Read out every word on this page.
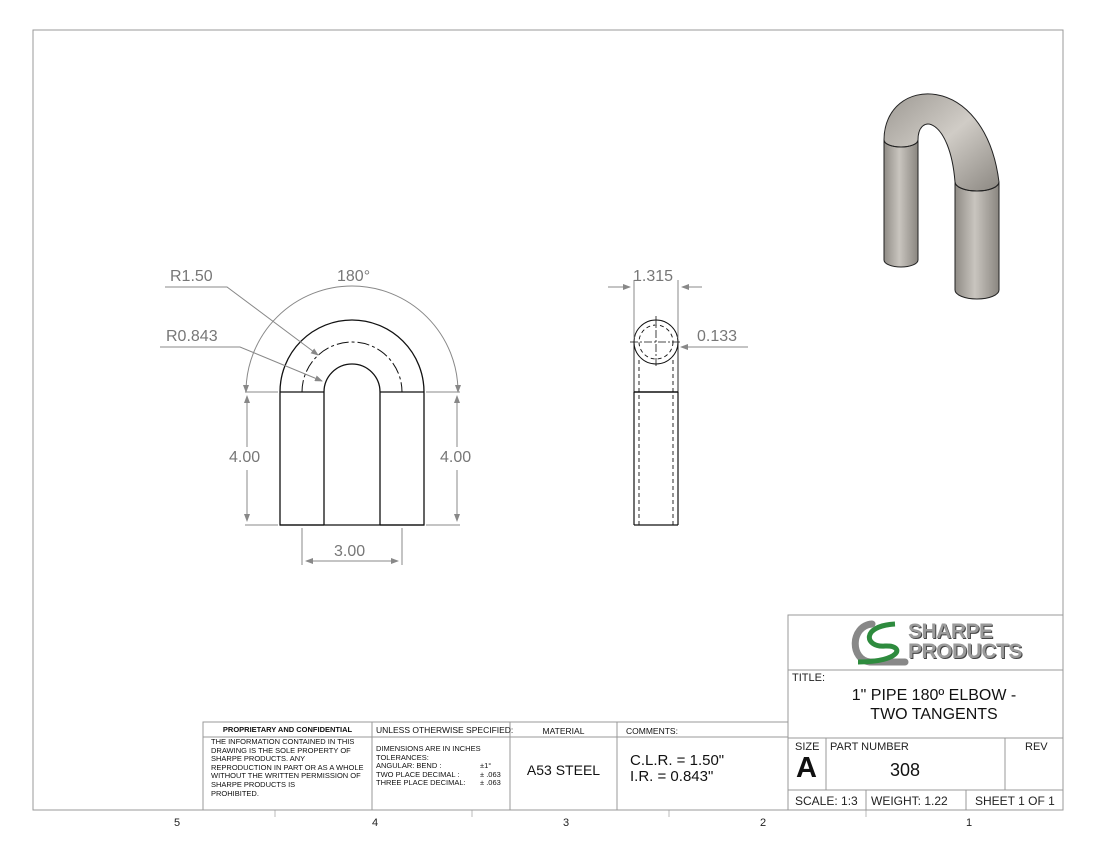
R1.50	180°
R0.843
4.00	4.00
3.00
1.315
0.133
5	4	3	2	1
SHARPE
PRODUCTS
TITLE:
1" PIPE 180º ELBOW -
TWO TANGENTS
SIZE
A
PART NUMBER
308
REV
SCALE: 1:3 WEIGHT: 1.22 SHEET 1 OF 1
PROPRIETARY AND CONFIDENTIAL
THE INFORMATION CONTAINED IN THIS
DRAWING IS THE SOLE PROPERTY OF
SHARPE PRODUCTS. ANY
REPRODUCTION IN PART OR AS A WHOLE
WITHOUT THE WRITTEN PERMISSION OF
SHARPE PRODUCTS IS
PROHIBITED.
UNLESS OTHERWISE SPECIFIED:
DIMENSIONS ARE IN INCHES
TOLERANCES:
ANGULAR: BEND :	±1°
TWO PLACE DECIMAL :	± .063
THREE PLACE DECIMAL: ± .063
MATERIAL
A53 STEEL
COMMENTS:
C.L.R. = 1.50"
I.R. = 0.843"
